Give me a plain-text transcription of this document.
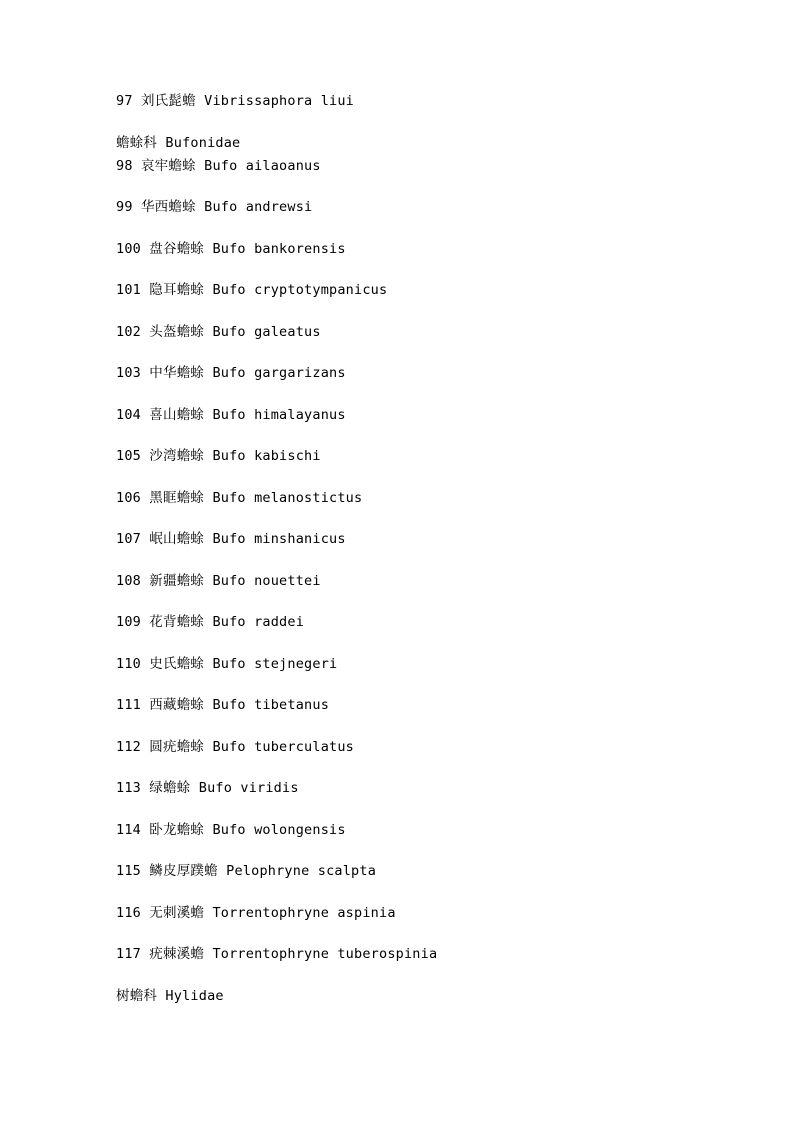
97 刘氏髭蟾 Vibrissaphora liui
蟾蜍科 Bufonidae
98 哀牢蟾蜍 Bufo ailaoanus
99 华西蟾蜍 Bufo andrewsi
100 盘谷蟾蜍 Bufo bankorensis
101 隐耳蟾蜍 Bufo cryptotympanicus
102 头盔蟾蜍 Bufo galeatus
103 中华蟾蜍 Bufo gargarizans
104 喜山蟾蜍 Bufo himalayanus
105 沙湾蟾蜍 Bufo kabischi
106 黑眶蟾蜍 Bufo melanostictus
107 岷山蟾蜍 Bufo minshanicus
108 新疆蟾蜍 Bufo nouettei
109 花背蟾蜍 Bufo raddei
110 史氏蟾蜍 Bufo stejnegeri
111 西藏蟾蜍 Bufo tibetanus
112 圆疣蟾蜍 Bufo tuberculatus
113 绿蟾蜍 Bufo viridis
114 卧龙蟾蜍 Bufo wolongensis
115 鳞皮厚蹼蟾 Pelophryne scalpta
116 无刺溪蟾 Torrentophryne aspinia
117 疣棘溪蟾 Torrentophryne tuberospinia
树蟾科 Hylidae
